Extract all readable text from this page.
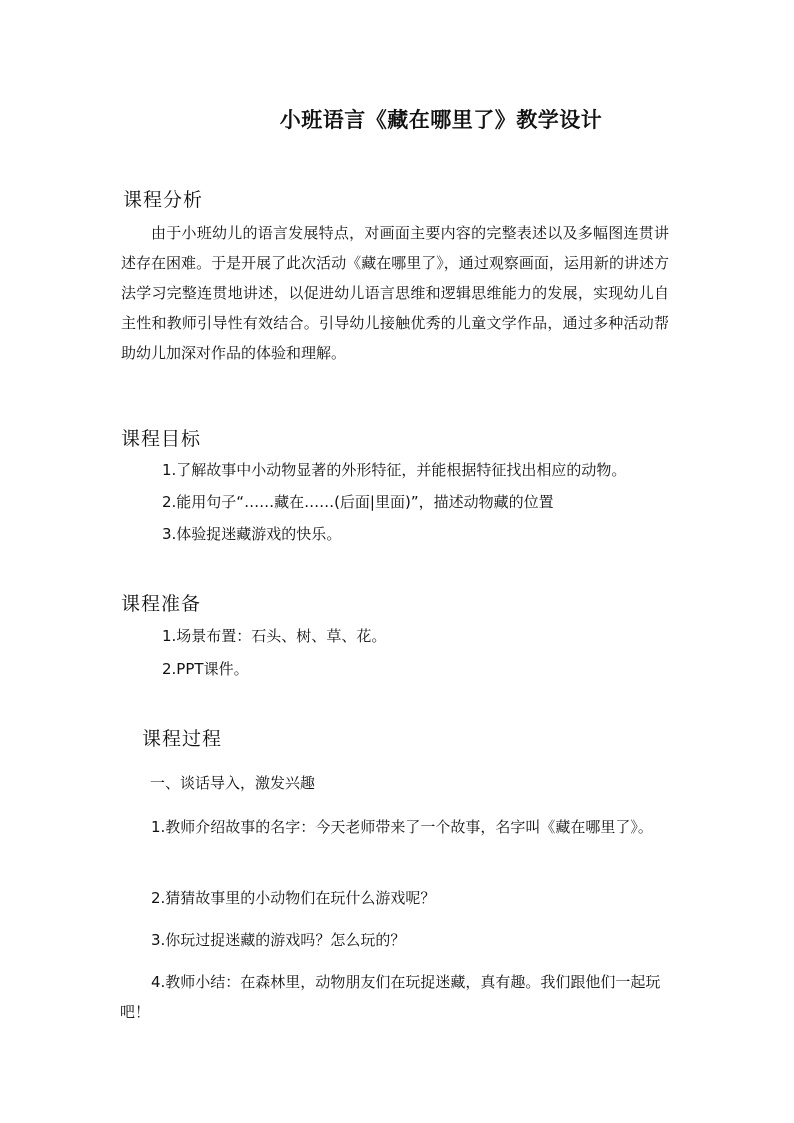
小班语言《藏在哪里了》教学设计
课程分析
由于小班幼儿的语言发展特点，对画面主要内容的完整表述以及多幅图连贯讲述存在困难。于是开展了此次活动《藏在哪里了》，通过观察画面，运用新的讲述方法学习完整连贯地讲述，以促进幼儿语言思维和逻辑思维能力的发展，实现幼儿自主性和教师引导性有效结合。引导幼儿接触优秀的儿童文学作品，通过多种活动帮助幼儿加深对作品的体验和理解。
课程目标
1.了解故事中小动物显著的外形特征，并能根据特征找出相应的动物。
2.能用句子“……藏在……(后面|里面)”，描述动物藏的位置
3.体验捉迷藏游戏的快乐。
课程准备
1.场景布置：石头、树、草、花。
2.PPT课件。
课程过程
一、谈话导入，激发兴趣
1.教师介绍故事的名字：今天老师带来了一个故事，名字叫《藏在哪里了》。
2.猜猜故事里的小动物们在玩什么游戏呢？
3.你玩过捉迷藏的游戏吗？怎么玩的？
4.教师小结：在森林里，动物朋友们在玩捉迷藏，真有趣。我们跟他们一起玩吧！
